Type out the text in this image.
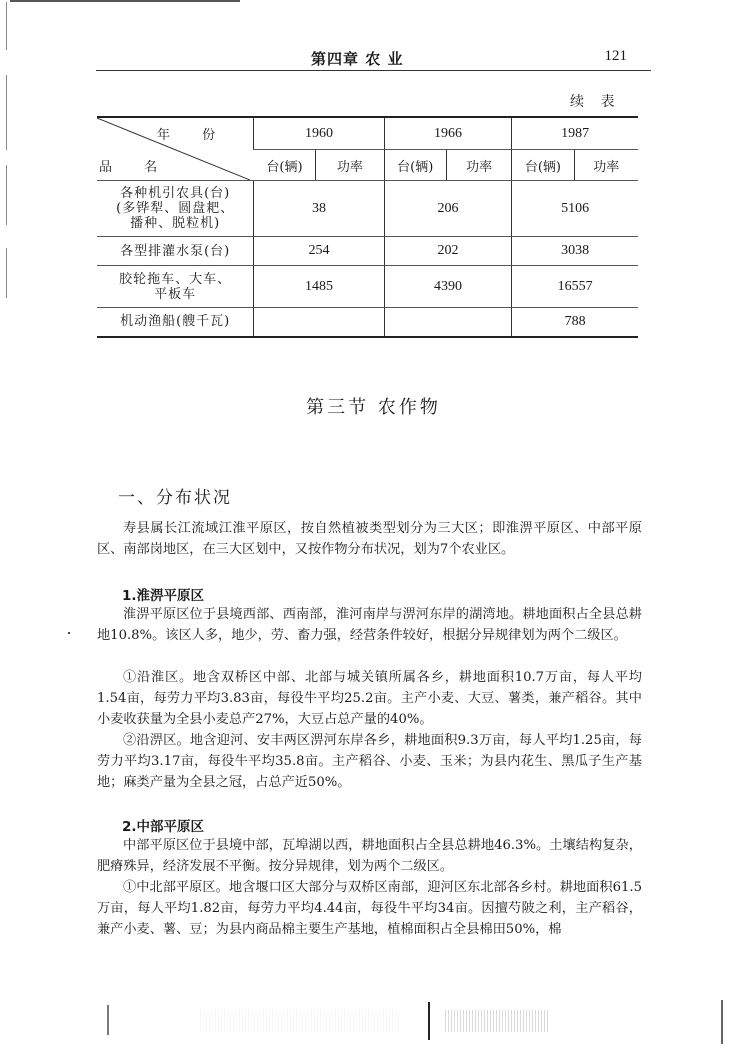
第四章 农 业	121
续 表
年 份
品 名	1960		1966		1987	
	台(辆)	功率	台(辆)	功率	台(辆)	功率

各种机引农具(台)
(多铧犁、圆盘耙、
播种、脱粒机)	38		206		5106	

各型排灌水泵(台)	254		202		3038	

胶轮拖车、大车、
平板车	1485		4390		16557	

机动渔船(艘千瓦)					788	
第三节 农作物
一、分布状况

寿县属长江流域江淮平原区，按自然植被类型划分为三大区；即淮淠平原区、中部平原区、南部岗地区，在三大区划中，又按作物分布状况，划为7个农业区。

1.淮淠平原区

淮淠平原区位于县境西部、西南部，淮河南岸与淠河东岸的湖湾地。耕地面积占全县总耕地10.8%。该区人多，地少，劳、畜力强，经营条件较好，根据分异规律划为两个二级区。

①沿淮区。地含双桥区中部、北部与城关镇所属各乡，耕地面积10.7万亩，每人平均1.54亩，每劳力平均3.83亩，每役牛平均25.2亩。主产小麦、大豆、薯类，兼产稻谷。其中小麦收获量为全县小麦总产27%，大豆占总产量的40%。

②沿淠区。地含迎河、安丰两区淠河东岸各乡，耕地面积9.3万亩，每人平均1.25亩，每劳力平均3.17亩，每役牛平均35.8亩。主产稻谷、小麦、玉米；为县内花生、黑瓜子生产基地；麻类产量为全县之冠，占总产近50%。

2.中部平原区

中部平原区位于县境中部，瓦埠湖以西，耕地面积占全县总耕地46.3%。土壤结构复杂，肥瘠殊异，经济发展不平衡。按分异规律，划为两个二级区。

①中北部平原区。地含堰口区大部分与双桥区南部，迎河区东北部各乡村。耕地面积61.5万亩，每人平均1.82亩，每劳力平均4.44亩，每役牛平均34亩。因擅芍陂之利，主产稻谷，兼产小麦、薯、豆；为县内商品棉主要生产基地，植棉面积占全县棉田50%，棉
